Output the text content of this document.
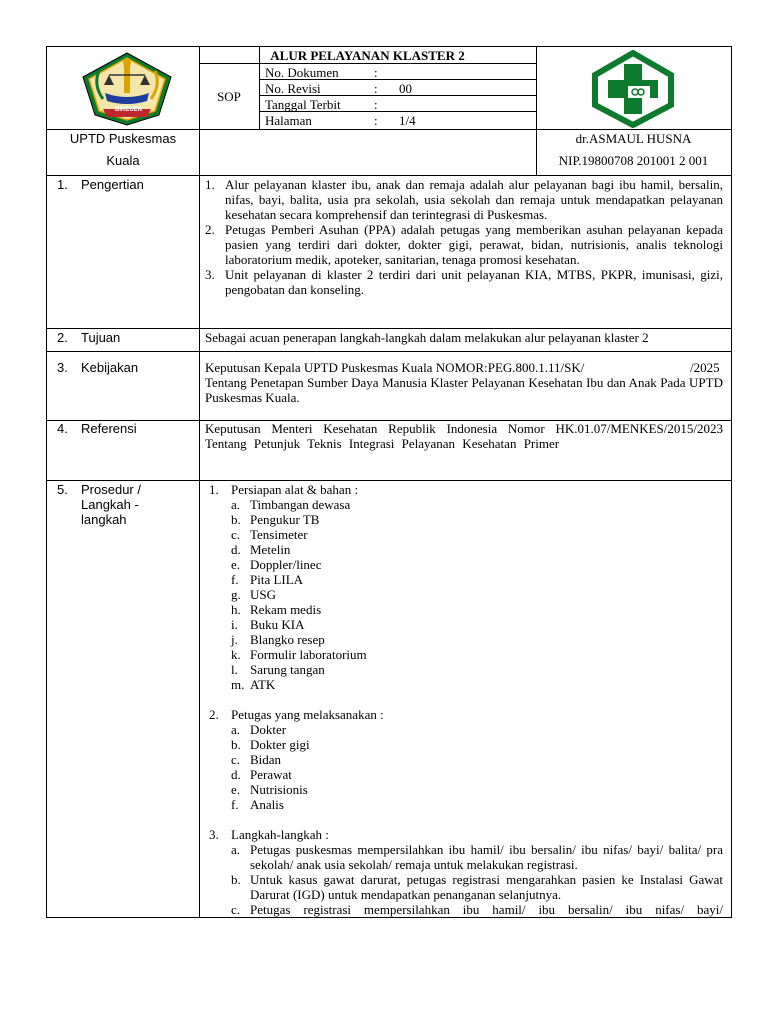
BIREUEN
ALUR PELAYANAN KLASTER 2
SOP
No. Dokumen	:
No. Revisi	: 00
Tanggal Terbit	:
Halaman	: 1/4
UPTD Puskesmas
Kuala
dr.ASMAUL HUSNA
NIP.19800708 201001 2 001
1. Pengertian	1. Alur pelayanan klaster ibu, anak dan remaja adalah alur pelayanan bagi ibu hamil, bersalin, nifas, bayi, balita, usia pra sekolah, usia sekolah dan remaja untuk mendapatkan pelayanan kesehatan secara komprehensif dan terintegrasi di Puskesmas.
2. Petugas Pemberi Asuhan (PPA) adalah petugas yang memberikan asuhan pelayanan kepada pasien yang terdiri dari dokter, dokter gigi, perawat, bidan, nutrisionis, analis teknologi laboratorium medik, apoteker, sanitarian, tenaga promosi kesehatan.
3. Unit pelayanan di klaster 2 terdiri dari unit pelayanan KIA, MTBS, PKPR, imunisasi, gizi, pengobatan dan konseling.
2. Tujuan	Sebagai acuan penerapan langkah-langkah dalam melakukan alur pelayanan klaster 2
3. Kebijakan	Keputusan Kepala UPTD Puskesmas Kuala NOMOR:PEG.800.1.11/SK/	/2025
Tentang Penetapan Sumber Daya Manusia Klaster Pelayanan Kesehatan Ibu dan Anak Pada UPTD Puskesmas Kuala.
4. Referensi	Keputusan Menteri Kesehatan Republik Indonesia Nomor HK.01.07/MENKES/2015/2023 Tentang Petunjuk Teknis Integrasi Pelayanan Kesehatan Primer
5. Prosedur /
Langkah -
langkah
1. Persiapan alat & bahan :
a. Timbangan dewasa
b. Pengukur TB
c. Tensimeter
d. Metelin
e. Doppler/linec
f. Pita LILA
g. USG
h. Rekam medis
i. Buku KIA
j. Blangko resep
k. Formulir laboratorium
l. Sarung tangan
m. ATK
2. Petugas yang melaksanakan :
a. Dokter
b. Dokter gigi
c. Bidan
d. Perawat
e. Nutrisionis
f. Analis
3. Langkah-langkah :
a. Petugas puskesmas mempersilahkan ibu hamil/ ibu bersalin/ ibu nifas/ bayi/ balita/ pra sekolah/ anak usia sekolah/ remaja untuk melakukan registrasi.
b. Untuk kasus gawat darurat, petugas registrasi mengarahkan pasien ke Instalasi Gawat Darurat (IGD) untuk mendapatkan penanganan selanjutnya.
c. Petugas registrasi mempersilahkan ibu hamil/ ibu bersalin/ ibu nifas/ bayi/
